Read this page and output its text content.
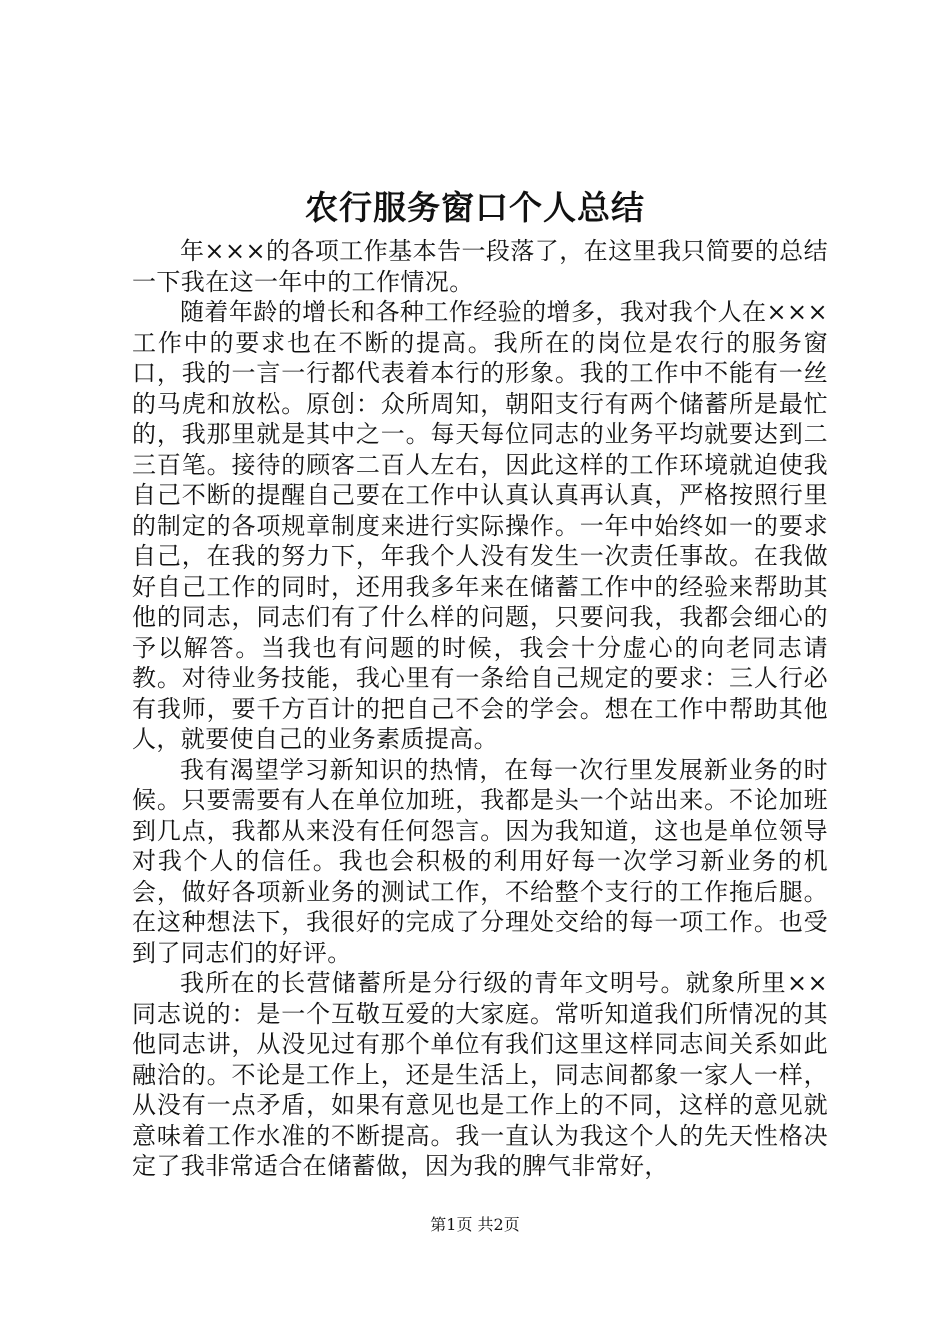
农行服务窗口个人总结

年×××的各项工作基本告一段落了，在这里我只简要的总结一下我在这一年中的工作情况。

随着年龄的增长和各种工作经验的增多，我对我个人在×××工作中的要求也在不断的提高。我所在的岗位是农行的服务窗口，我的一言一行都代表着本行的形象。我的工作中不能有一丝的马虎和放松。原创：众所周知，朝阳支行有两个储蓄所是最忙的，我那里就是其中之一。每天每位同志的业务平均就要达到二三百笔。接待的顾客二百人左右，因此这样的工作环境就迫使我自己不断的提醒自己要在工作中认真认真再认真，严格按照行里的制定的各项规章制度来进行实际操作。一年中始终如一的要求自己，在我的努力下，年我个人没有发生一次责任事故。在我做好自己工作的同时，还用我多年来在储蓄工作中的经验来帮助其他的同志，同志们有了什么样的问题，只要问我，我都会细心的予以解答。当我也有问题的时候，我会十分虚心的向老同志请教。对待业务技能，我心里有一条给自己规定的要求：三人行必有我师，要千方百计的把自己不会的学会。想在工作中帮助其他人，就要使自己的业务素质提高。

我有渴望学习新知识的热情，在每一次行里发展新业务的时候。只要需要有人在单位加班，我都是头一个站出来。不论加班到几点，我都从来没有任何怨言。因为我知道，这也是单位领导对我个人的信任。我也会积极的利用好每一次学习新业务的机会，做好各项新业务的测试工作，不给整个支行的工作拖后腿。在这种想法下，我很好的完成了分理处交给的每一项工作。也受到了同志们的好评。

我所在的长营储蓄所是分行级的青年文明号。就象所里××同志说的：是一个互敬互爱的大家庭。常听知道我们所情况的其他同志讲，从没见过有那个单位有我们这里这样同志间关系如此融洽的。不论是工作上，还是生活上，同志间都象一家人一样，从没有一点矛盾，如果有意见也是工作上的不同，这样的意见就意味着工作水准的不断提高。我一直认为我这个人的先天性格决定了我非常适合在储蓄做，因为我的脾气非常好，

第1页 共2页
